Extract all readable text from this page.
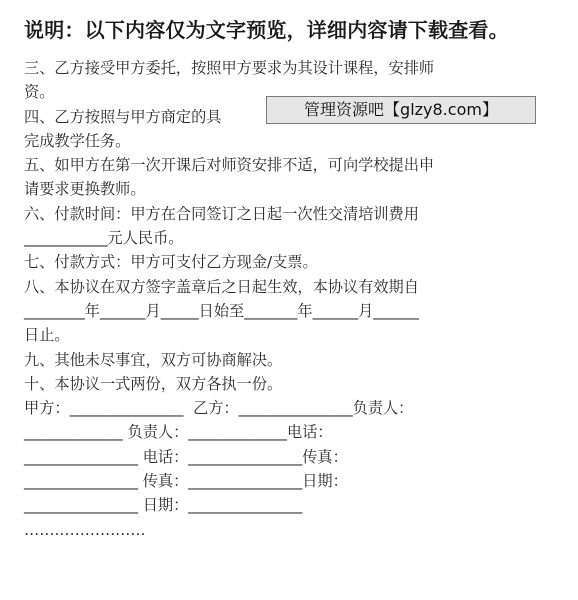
说明：以下内容仅为文字预览，详细内容请下载查看。
三、乙方接受甲方委托，按照甲方要求为其设计课程，安排师
资。
四、乙方按照与甲方商定的具
完成教学任务。
五、如甲方在第一次开课后对师资安排不适，可向学校提出申
请要求更换教师。
六、付款时间：甲方在合同签订之日起一次性交清培训费用
___________元人民币。
七、付款方式：甲方可支付乙方现金/支票。
八、本协议在双方签字盖章后之日起生效，本协议有效期自
________年______月_____日始至_______年______月______
日止。
九、其他未尽事宜，双方可协商解决。
十、本协议一式两份，双方各执一份。
甲方：_______________  乙方：_______________负责人：
_____________ 负责人：_____________电话：
_______________ 电话：_______________传真：
_______________ 传真：_______________日期：
_______________ 日期：_______________
……………………
管理资源吧【glzy8.com】
